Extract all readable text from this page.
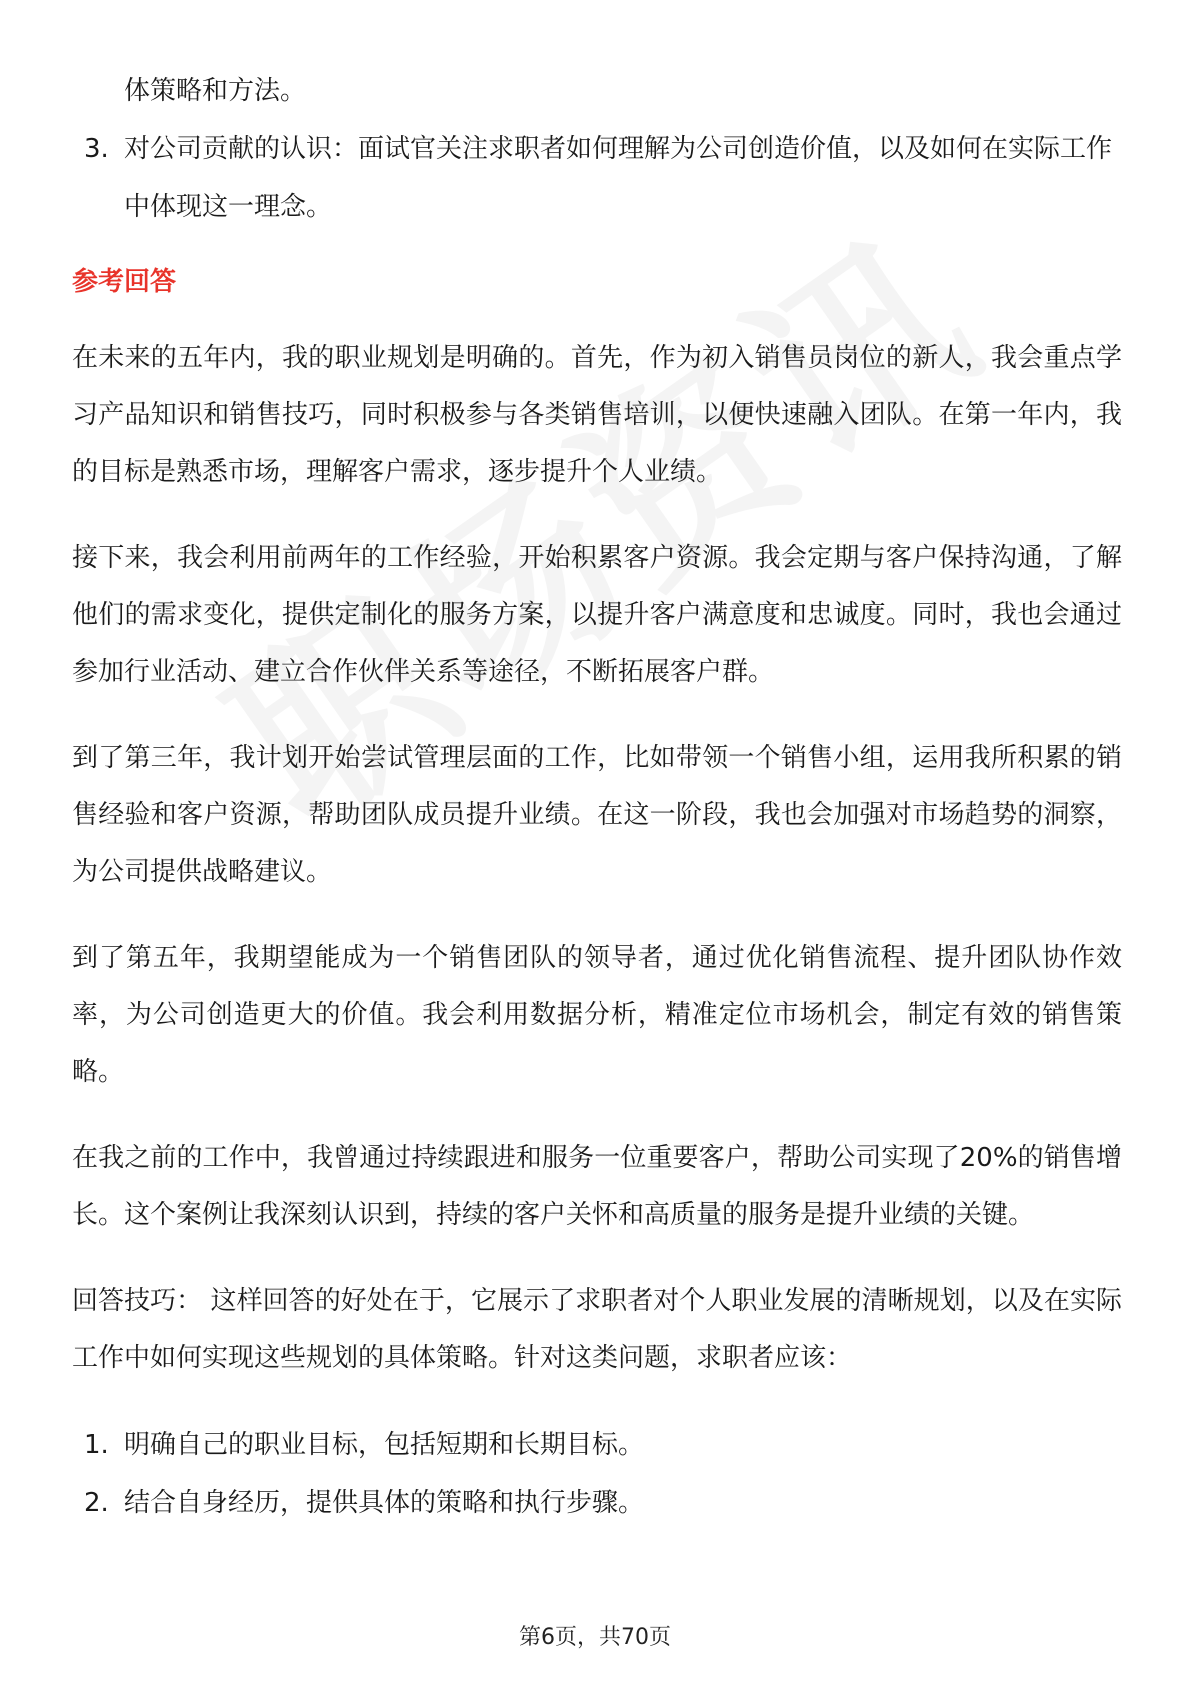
体策略和方法。
3. 对公司贡献的认识：面试官关注求职者如何理解为公司创造价值，以及如何在实际工作中体现这一理念。
参考回答

在未来的五年内，我的职业规划是明确的。首先，作为初入销售员岗位的新人，我会重点学习产品知识和销售技巧，同时积极参与各类销售培训，以便快速融入团队。在第一年内，我的目标是熟悉市场，理解客户需求，逐步提升个人业绩。

接下来，我会利用前两年的工作经验，开始积累客户资源。我会定期与客户保持沟通，了解他们的需求变化，提供定制化的服务方案，以提升客户满意度和忠诚度。同时，我也会通过参加行业活动、建立合作伙伴关系等途径，不断拓展客户群。

到了第三年，我计划开始尝试管理层面的工作，比如带领一个销售小组，运用我所积累的销售经验和客户资源，帮助团队成员提升业绩。在这一阶段，我也会加强对市场趋势的洞察，为公司提供战略建议。

到了第五年，我期望能成为一个销售团队的领导者，通过优化销售流程、提升团队协作效率，为公司创造更大的价值。我会利用数据分析，精准定位市场机会，制定有效的销售策略。

在我之前的工作中，我曾通过持续跟进和服务一位重要客户，帮助公司实现了20%的销售增长。这个案例让我深刻认识到，持续的客户关怀和高质量的服务是提升业绩的关键。

回答技巧： 这样回答的好处在于，它展示了求职者对个人职业发展的清晰规划，以及在实际工作中如何实现这些规划的具体策略。针对这类问题，求职者应该：

1. 明确自己的职业目标，包括短期和长期目标。
2. 结合自身经历，提供具体的策略和执行步骤。
第6页，共70页
